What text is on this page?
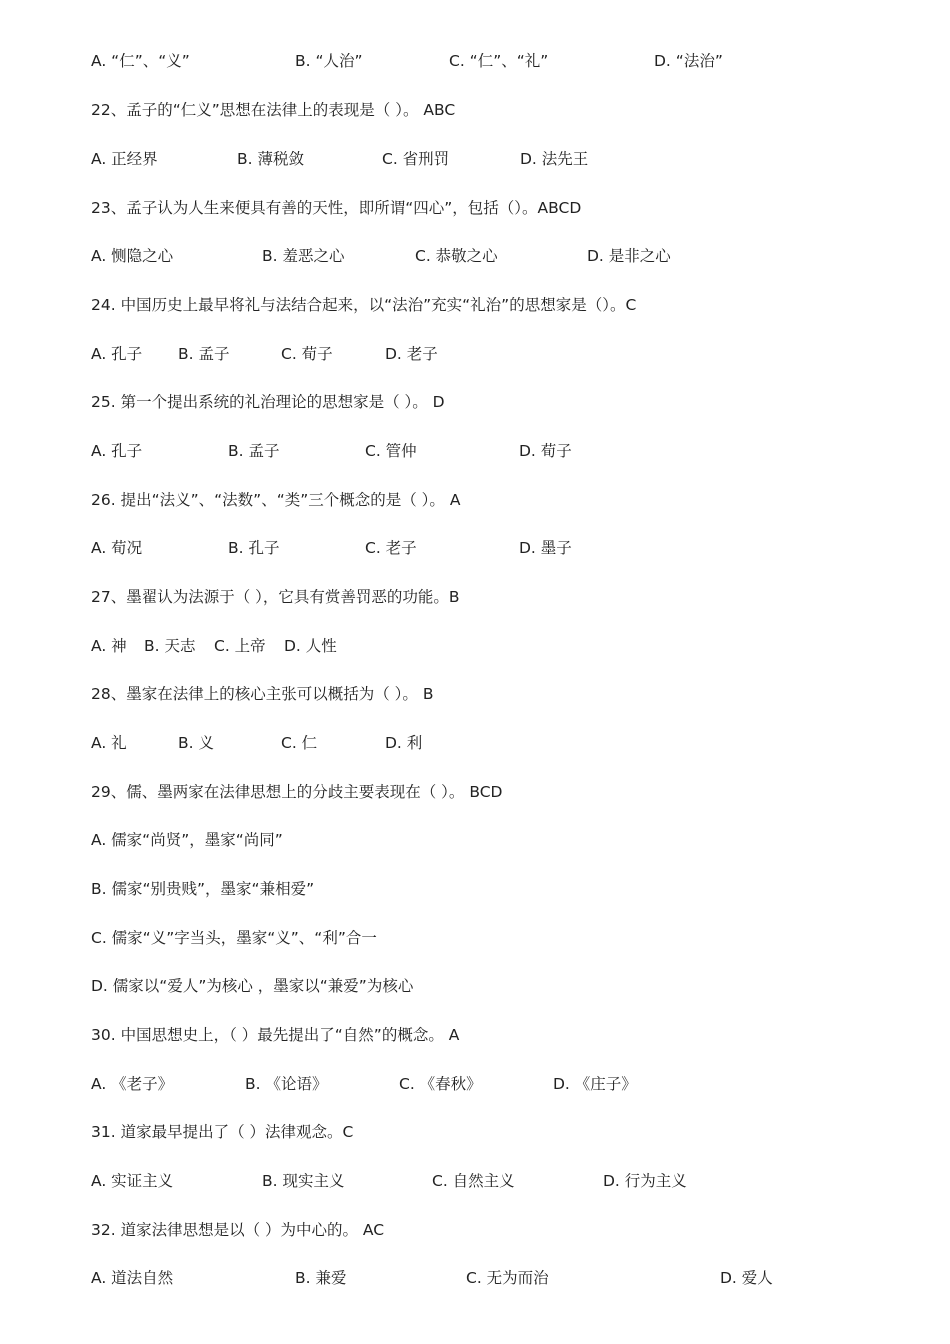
A. “仁”、“义”	B. “人治”	C. “仁”、“礼”	D. “法治”
22、孟子的“仁义”思想在法律上的表现是（ ）。 ABC
A. 正经界	B. 薄税敛	C. 省刑罚	D. 法先王
23、孟子认为人生来便具有善的天性，即所谓“四心”，包括（）。ABCD
A. 恻隐之心	B. 羞恶之心	C. 恭敬之心	D. 是非之心
24. 中国历史上最早将礼与法结合起来，以“法治”充实“礼治”的思想家是（）。C
A. 孔子 B. 孟子	C. 荀子	D. 老子
25. 第一个提出系统的礼治理论的思想家是（ ）。 D
A. 孔子	B. 孟子	C. 管仲	D. 荀子
26. 提出“法义”、“法数”、“类”三个概念的是（ ）。 A
A. 荀况	B. 孔子	C. 老子	D. 墨子
27、墨翟认为法源于（ ），它具有赏善罚恶的功能。B
A. 神 B. 天志 C. 上帝 D. 人性
28、墨家在法律上的核心主张可以概括为（ ）。 B
A. 礼	B. 义	C. 仁	D. 利
29、儒、墨两家在法律思想上的分歧主要表现在（ ）。 BCD
A. 儒家“尚贤”，墨家“尚同”
B. 儒家“别贵贱”，墨家“兼相爱”
C. 儒家“义”字当头，墨家“义”、“利”合一
D. 儒家以“爱人”为核心 ，墨家以“兼爱”为核心
30. 中国思想史上，（ ）最先提出了“自然”的概念。 A
A. 《老子》	B. 《论语》	C. 《春秋》	D. 《庄子》
31. 道家最早提出了（ ）法律观念。C
A. 实证主义	B. 现实主义	C. 自然主义	D. 行为主义
32. 道家法律思想是以（ ）为中心的。 AC
A. 道法自然	B. 兼爱	C. 无为而治	D. 爱人
